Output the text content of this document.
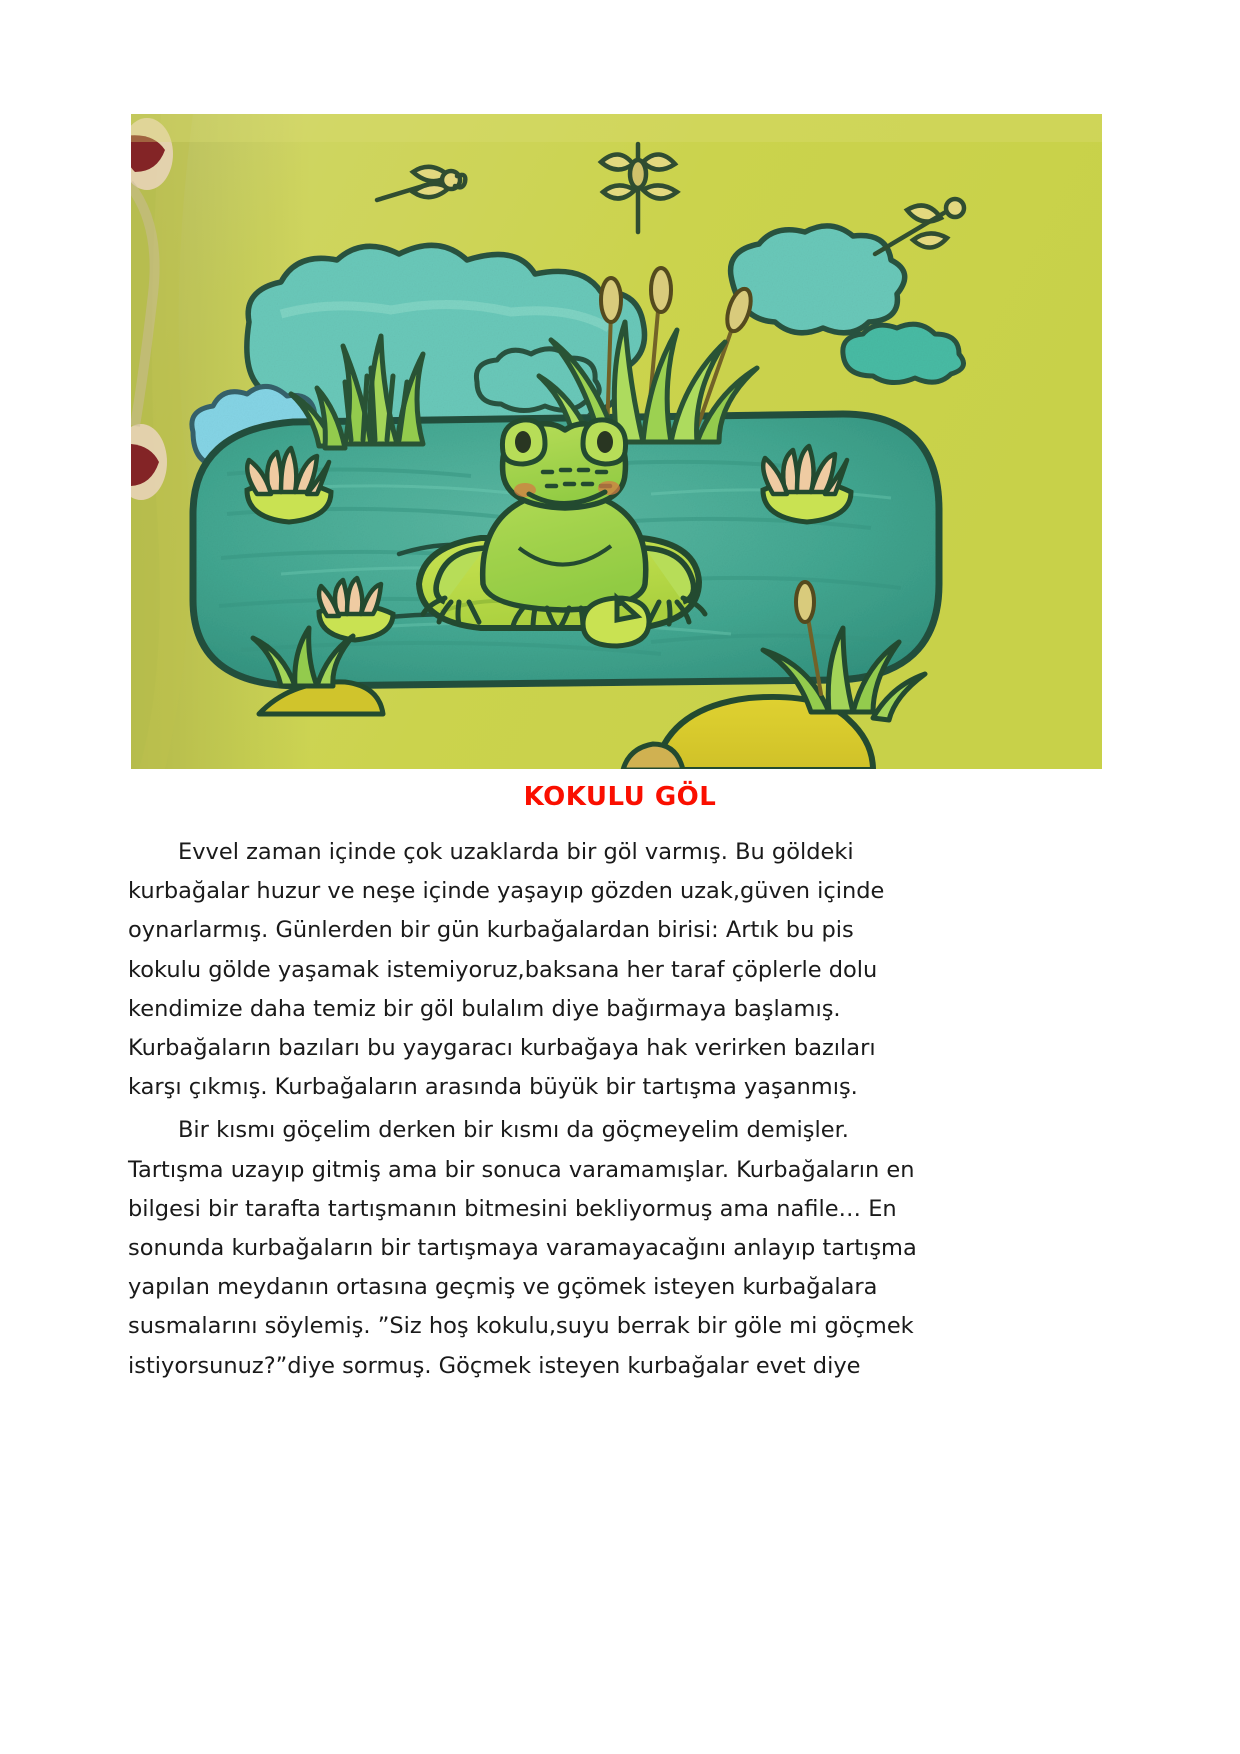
KOKULU GÖL

Evvel zaman içinde çok uzaklarda bir göl varmış. Bu göldeki
kurbağalar huzur ve neşe içinde yaşayıp gözden uzak,güven içinde
oynarlarmış. Günlerden bir gün kurbağalardan birisi: Artık bu pis
kokulu gölde yaşamak istemiyoruz,baksana her taraf çöplerle dolu
kendimize daha temiz bir göl bulalım diye bağırmaya başlamış.
Kurbağaların bazıları bu yaygaracı kurbağaya hak verirken bazıları
karşı çıkmış. Kurbağaların arasında büyük bir tartışma yaşanmış.

Bir kısmı göçelim derken bir kısmı da göçmeyelim demişler.
Tartışma uzayıp gitmiş ama bir sonuca varamamışlar. Kurbağaların en
bilgesi bir tarafta tartışmanın bitmesini bekliyormuş ama nafile… En
sonunda kurbağaların bir tartışmaya varamayacağını anlayıp tartışma
yapılan meydanın ortasına geçmiş ve gçömek isteyen kurbağalara
susmalarını söylemiş. ”Siz hoş kokulu,suyu berrak bir göle mi göçmek
istiyorsunuz?”diye sormuş. Göçmek isteyen kurbağalar evet diye
